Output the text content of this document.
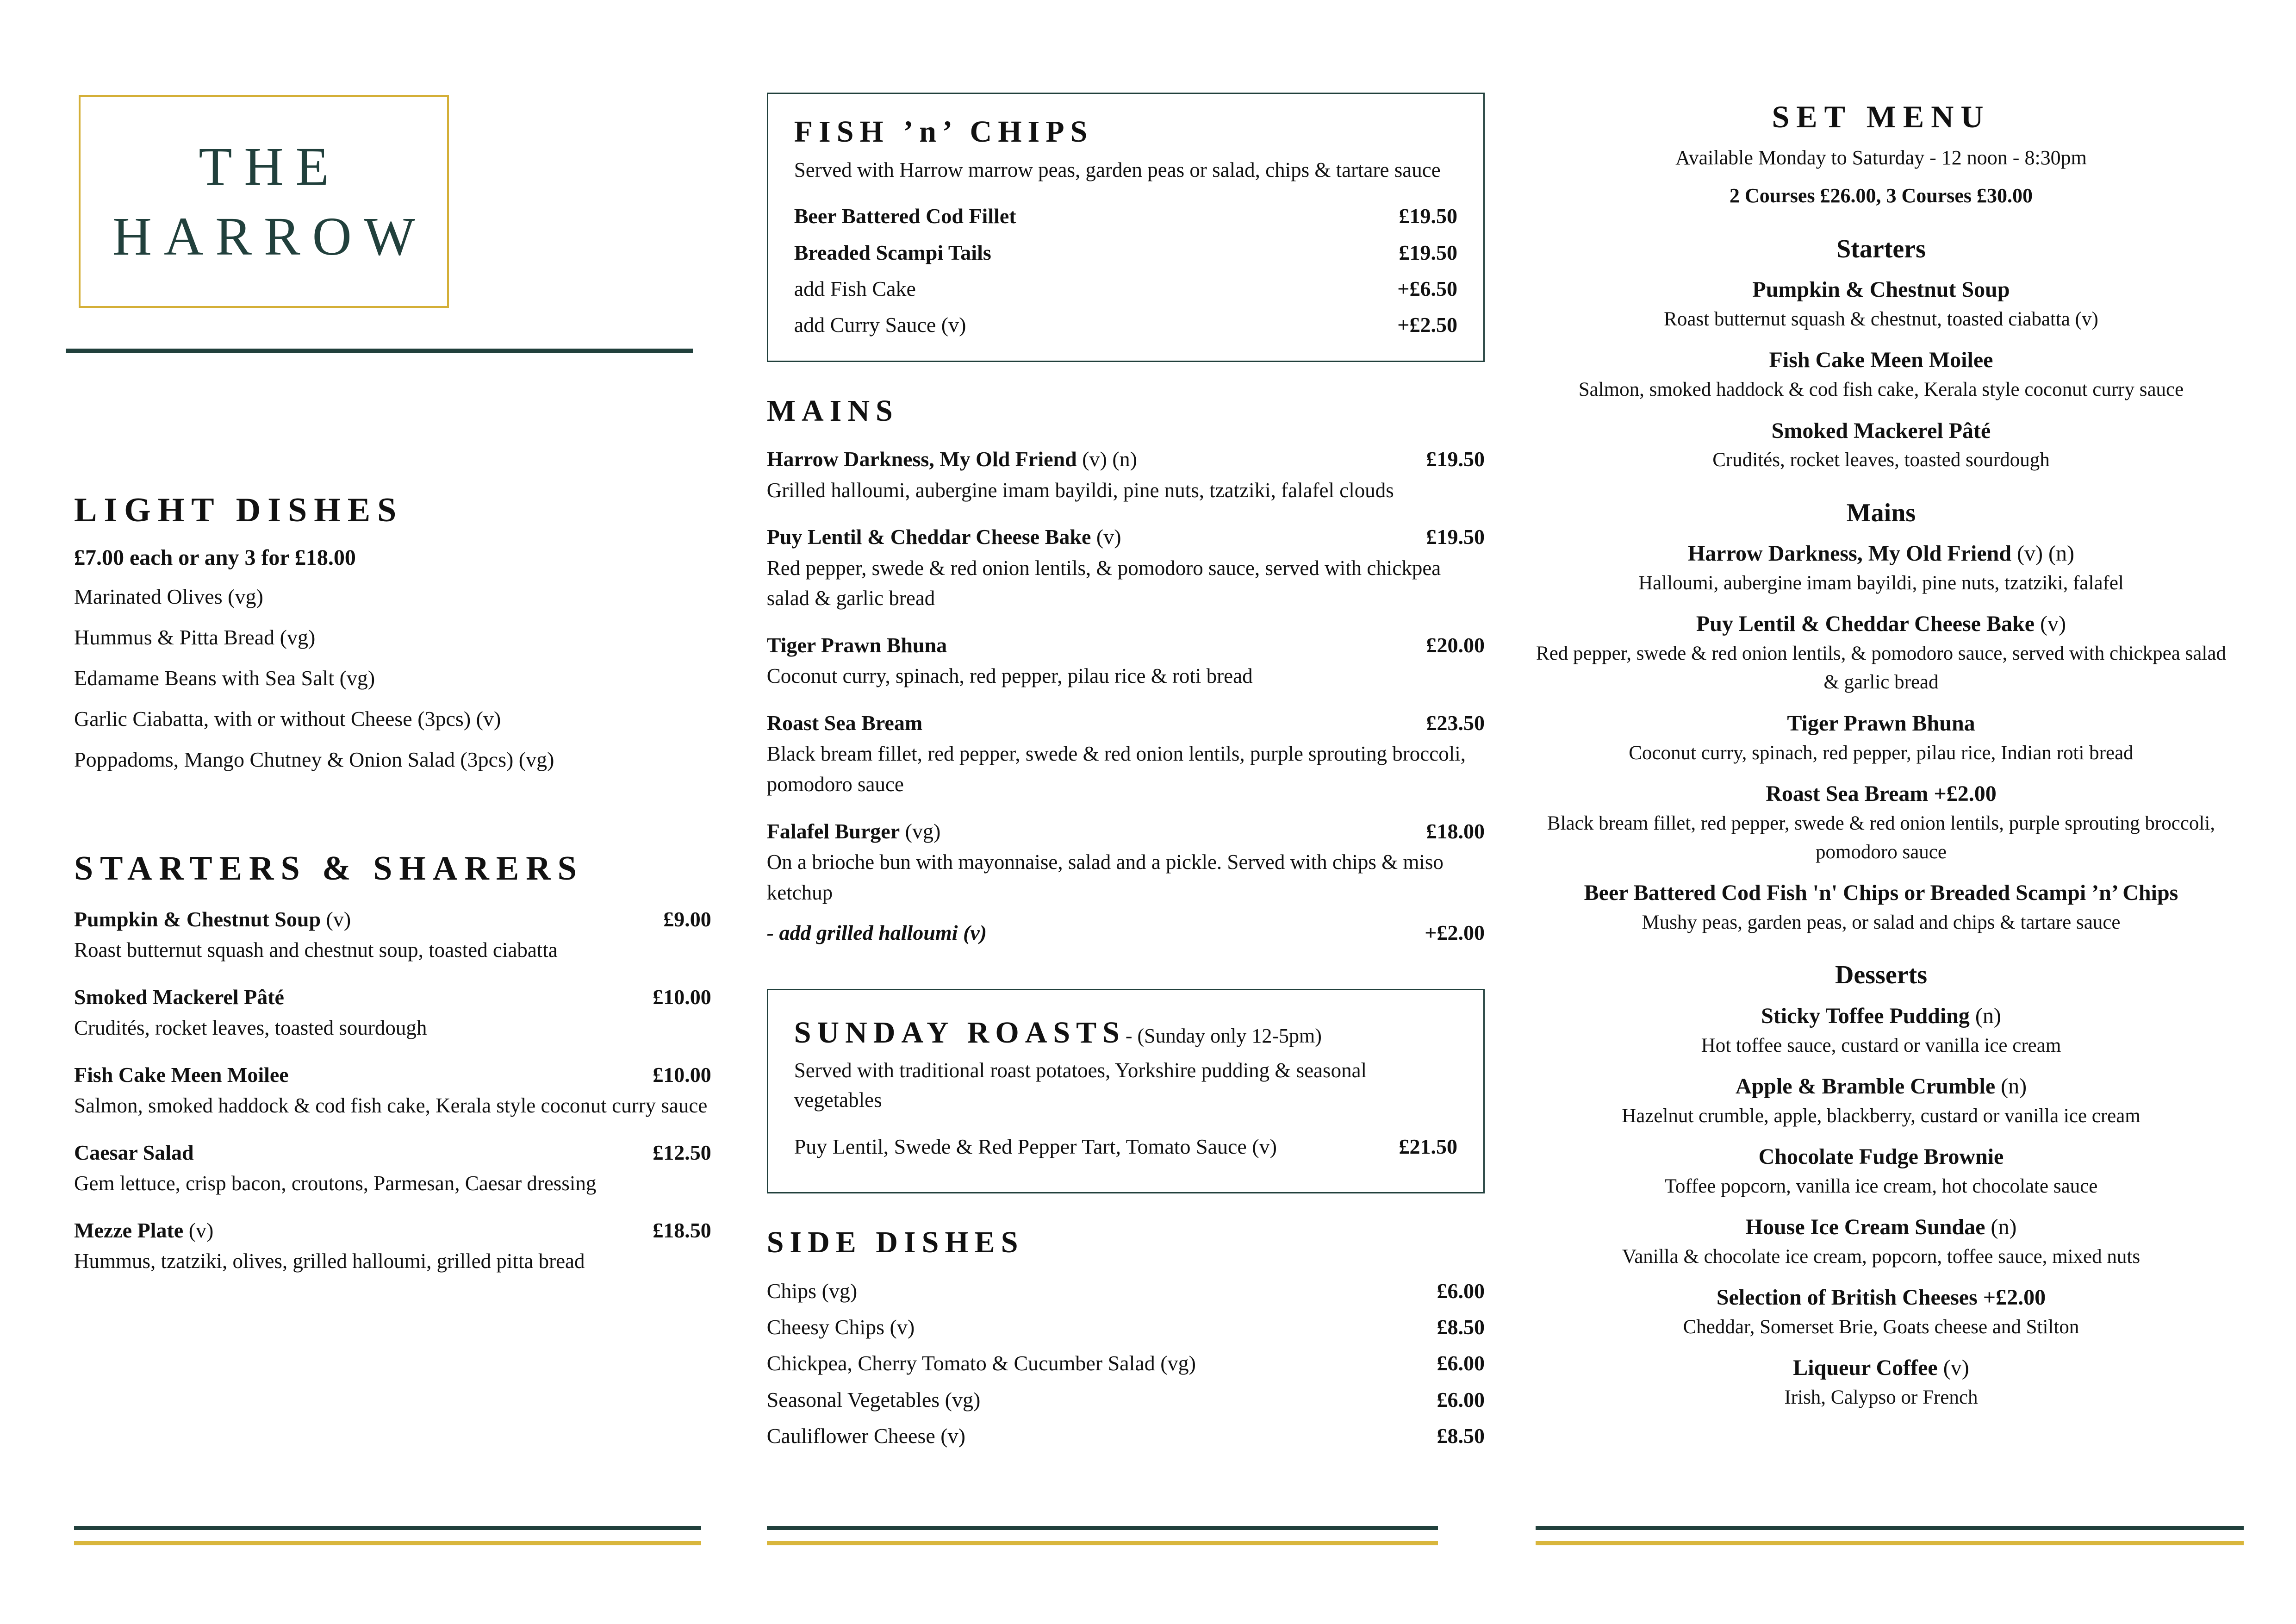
THE
HARROW
LIGHT DISHES

£7.00 each or any 3 for £18.00

Marinated Olives (vg)
Hummus & Pitta Bread (vg)
Edamame Beans with Sea Salt (vg)
Garlic Ciabatta, with or without Cheese (3pcs) (v)
Poppadoms, Mango Chutney & Onion Salad (3pcs) (vg)
STARTERS & SHARERS
Pumpkin & Chestnut Soup (v)	£9.00
Roast butternut squash and chestnut soup, toasted ciabatta
Smoked Mackerel Pâté	£10.00
Crudités, rocket leaves, toasted sourdough
Fish Cake Meen Moilee	£10.00
Salmon, smoked haddock & cod fish cake, Kerala style coconut curry sauce
Caesar Salad	£12.50
Gem lettuce, crisp bacon, croutons, Parmesan, Caesar dressing
Mezze Plate (v)	£18.50
Hummus, tzatziki, olives, grilled halloumi, grilled pitta bread
FISH ’n’ CHIPS

Served with Harrow marrow peas, garden peas or salad, chips & tartare sauce

Beer Battered Cod Fillet	£19.50
Breaded Scampi Tails	£19.50
add Fish Cake	+£6.50
add Curry Sauce (v)	+£2.50
MAINS
Harrow Darkness, My Old Friend (v) (n)	£19.50
Grilled halloumi, aubergine imam bayildi, pine nuts, tzatziki, falafel clouds
Puy Lentil & Cheddar Cheese Bake (v)	£19.50
Red pepper, swede & red onion lentils, & pomodoro sauce, served with chickpea salad & garlic bread
Tiger Prawn Bhuna	£20.00
Coconut curry, spinach, red pepper, pilau rice & roti bread
Roast Sea Bream	£23.50
Black bream fillet, red pepper, swede & red onion lentils, purple sprouting broccoli, pomodoro sauce
Falafel Burger (vg)	£18.00
On a brioche bun with mayonnaise, salad and a pickle. Served with chips & miso ketchup
- add grilled halloumi (v)	+£2.00
SUNDAY ROASTS- (Sunday only 12-5pm)

Served with traditional roast potatoes, Yorkshire pudding & seasonal vegetables

Puy Lentil, Swede & Red Pepper Tart, Tomato Sauce (v)	£21.50
SIDE DISHES
Chips (vg)	£6.00
Cheesy Chips (v)	£8.50
Chickpea, Cherry Tomato & Cucumber Salad (vg)	£6.00
Seasonal Vegetables (vg)	£6.00
Cauliflower Cheese (v)	£8.50
SET MENU

Available Monday to Saturday - 12 noon - 8:30pm

2 Courses £26.00, 3 Courses £30.00

Starters

Pumpkin & Chestnut Soup

Roast butternut squash & chestnut, toasted ciabatta (v)

Fish Cake Meen Moilee

Salmon, smoked haddock & cod fish cake, Kerala style coconut curry sauce

Smoked Mackerel Pâté

Crudités, rocket leaves, toasted sourdough

Mains

Harrow Darkness, My Old Friend (v) (n)

Halloumi, aubergine imam bayildi, pine nuts, tzatziki, falafel

Puy Lentil & Cheddar Cheese Bake (v)

Red pepper, swede & red onion lentils, & pomodoro sauce, served with chickpea salad & garlic bread

Tiger Prawn Bhuna

Coconut curry, spinach, red pepper, pilau rice, Indian roti bread

Roast Sea Bream +£2.00

Black bream fillet, red pepper, swede & red onion lentils, purple sprouting broccoli, pomodoro sauce

Beer Battered Cod Fish 'n' Chips or Breaded Scampi ’n’ Chips

Mushy peas, garden peas, or salad and chips & tartare sauce

Desserts

Sticky Toffee Pudding (n)

Hot toffee sauce, custard or vanilla ice cream

Apple & Bramble Crumble (n)

Hazelnut crumble, apple, blackberry, custard or vanilla ice cream

Chocolate Fudge Brownie

Toffee popcorn, vanilla ice cream, hot chocolate sauce

House Ice Cream Sundae (n)

Vanilla & chocolate ice cream, popcorn, toffee sauce, mixed nuts

Selection of British Cheeses +£2.00

Cheddar, Somerset Brie, Goats cheese and Stilton

Liqueur Coffee (v)

Irish, Calypso or French
